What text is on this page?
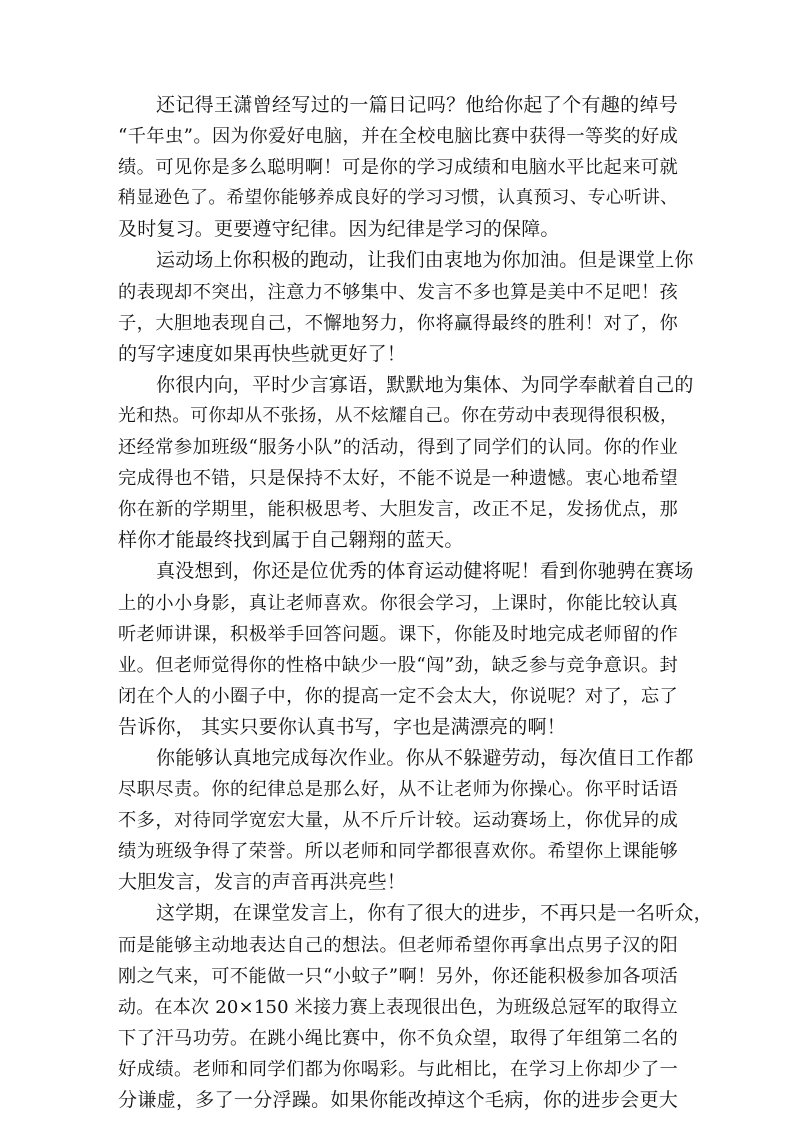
还记得王潇曾经写过的一篇日记吗？他给你起了个有趣的绰号
“千年虫”。因为你爱好电脑，并在全校电脑比赛中获得一等奖的好成
绩。可见你是多么聪明啊！可是你的学习成绩和电脑水平比起来可就
稍显逊色了。希望你能够养成良好的学习习惯，认真预习、专心听讲、
及时复习。更要遵守纪律。因为纪律是学习的保障。
运动场上你积极的跑动，让我们由衷地为你加油。但是课堂上你
的表现却不突出，注意力不够集中、发言不多也算是美中不足吧！孩
子，大胆地表现自己，不懈地努力，你将赢得最终的胜利！对了，你
的写字速度如果再快些就更好了！
你很内向，平时少言寡语，默默地为集体、为同学奉献着自己的
光和热。可你却从不张扬，从不炫耀自己。你在劳动中表现得很积极，
还经常参加班级“服务小队”的活动，得到了同学们的认同。你的作业
完成得也不错，只是保持不太好，不能不说是一种遗憾。衷心地希望
你在新的学期里，能积极思考、大胆发言，改正不足，发扬优点，那
样你才能最终找到属于自己翱翔的蓝天。
真没想到，你还是位优秀的体育运动健将呢！看到你驰骋在赛场
上的小小身影，真让老师喜欢。你很会学习，上课时，你能比较认真
听老师讲课，积极举手回答问题。课下，你能及时地完成老师留的作
业。但老师觉得你的性格中缺少一股“闯”劲，缺乏参与竞争意识。封
闭在个人的小圈子中，你的提高一定不会太大，你说呢？对了，忘了
告诉你， 其实只要你认真书写，字也是满漂亮的啊！
你能够认真地完成每次作业。你从不躲避劳动，每次值日工作都
尽职尽责。你的纪律总是那么好，从不让老师为你操心。你平时话语
不多，对待同学宽宏大量，从不斤斤计较。运动赛场上，你优异的成
绩为班级争得了荣誉。所以老师和同学都很喜欢你。希望你上课能够
大胆发言，发言的声音再洪亮些！
这学期，在课堂发言上，你有了很大的进步，不再只是一名听众，
而是能够主动地表达自己的想法。但老师希望你再拿出点男子汉的阳
刚之气来，可不能做一只“小蚊子”啊！另外，你还能积极参加各项活
动。在本次 20×150 米接力赛上表现很出色，为班级总冠军的取得立
下了汗马功劳。在跳小绳比赛中，你不负众望，取得了年组第二名的
好成绩。老师和同学们都为你喝彩。与此相比，在学习上你却少了一
分谦虚，多了一分浮躁。如果你能改掉这个毛病，你的进步会更大
